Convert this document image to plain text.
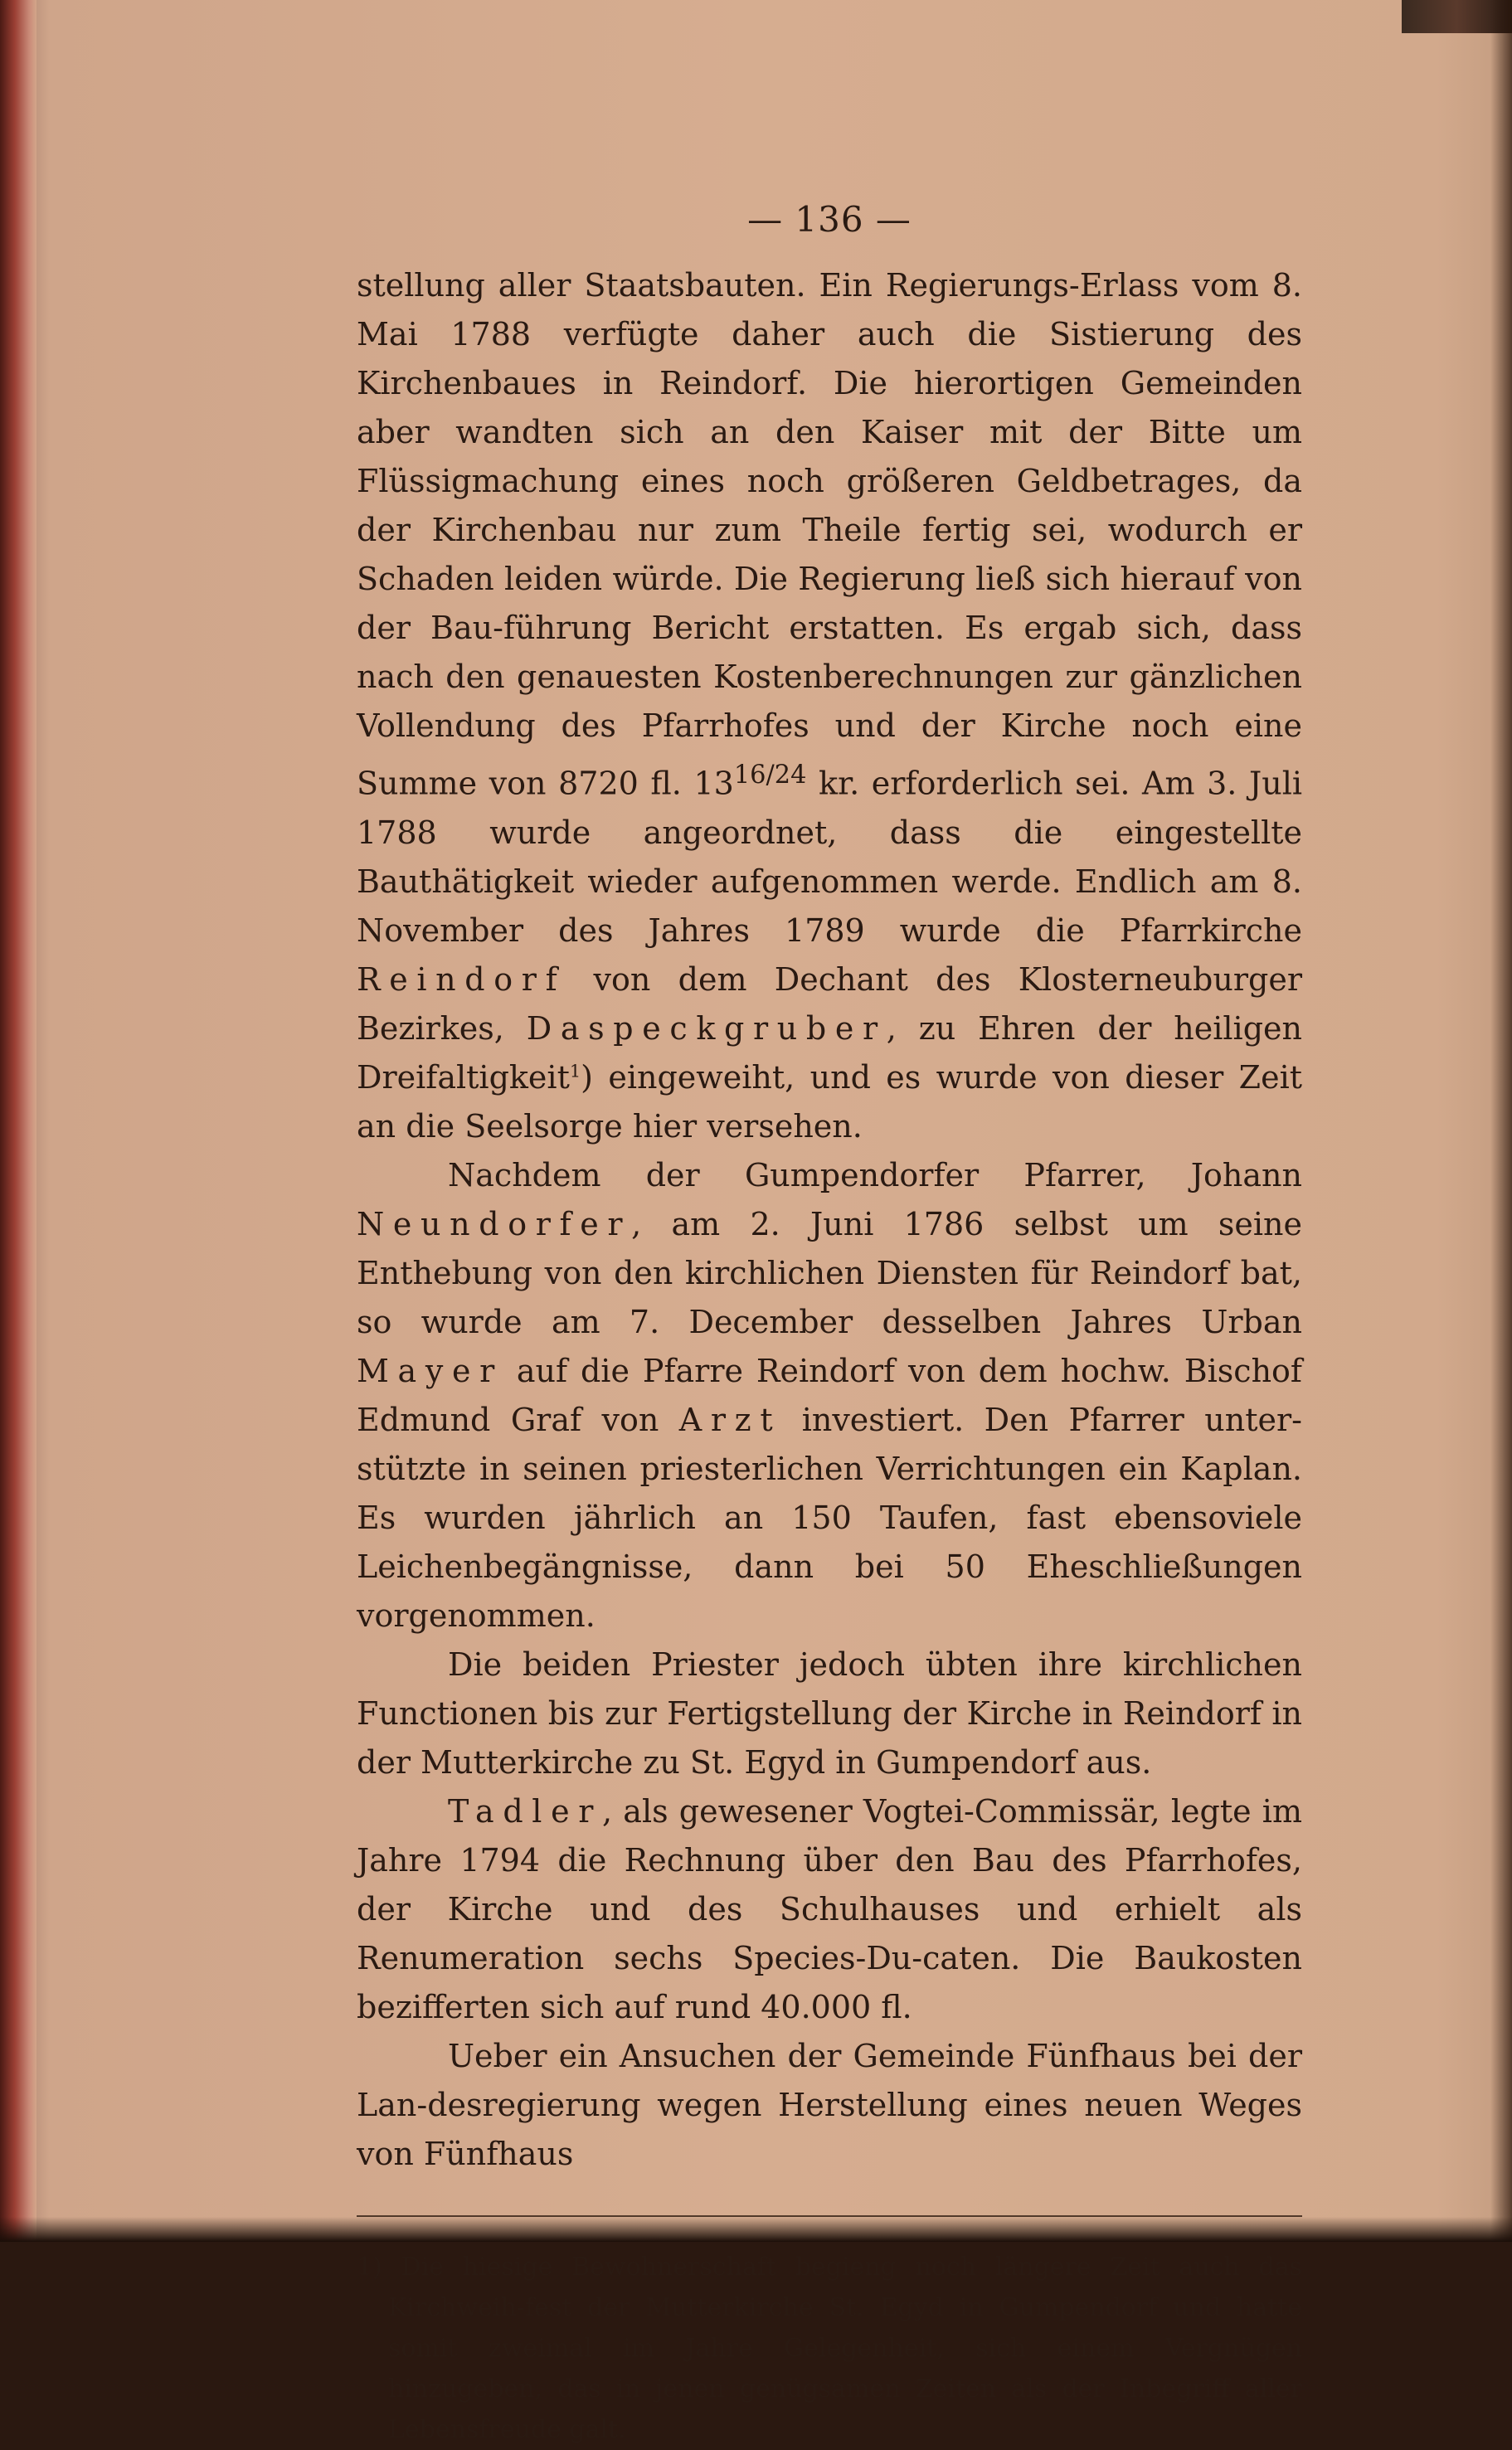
— 136 —

stellung aller Staatsbauten. Ein Regierungs-Erlass vom 8. Mai 1788 verfügte daher auch die Sistierung des Kirchenbaues in Reindorf. Die hierortigen Gemeinden aber wandten sich an den Kaiser mit der Bitte um Flüssigmachung eines noch größeren Geldbetrages, da der Kirchenbau nur zum Theile fertig sei, wodurch er Schaden leiden würde. Die Regierung ließ sich hierauf von der Bau-führung Bericht erstatten. Es ergab sich, dass nach den genauesten Kostenberechnungen zur gänzlichen Vollendung des Pfarrhofes und der Kirche noch eine Summe von 8720 fl. $13^{16/24}$ kr. erforderlich sei. Am 3. Juli 1788 wurde angeordnet, dass die eingestellte Bauthätigkeit wieder aufgenommen werde. Endlich am 8. November des Jahres 1789 wurde die Pfarrkirche Reindorf von dem Dechant des Klosterneuburger Bezirkes, Daspeckgruber, zu Ehren der heiligen Dreifaltigkeit$^1$) eingeweiht, und es wurde von dieser Zeit an die Seelsorge hier versehen.

Nachdem der Gumpendorfer Pfarrer, Johann Neundorfer, am 2. Juni 1786 selbst um seine Enthebung von den kirchlichen Diensten für Reindorf bat, so wurde am 7. December desselben Jahres Urban Mayer auf die Pfarre Reindorf von dem hochw. Bischof Edmund Graf von Arzt investiert. Den Pfarrer unter-stützte in seinen priesterlichen Verrichtungen ein Kaplan. Es wurden jährlich an 150 Taufen, fast ebensoviele Leichenbegängnisse, dann bei 50 Eheschließungen vorgenommen.

Die beiden Priester jedoch übten ihre kirchlichen Functionen bis zur Fertigstellung der Kirche in Reindorf in der Mutterkirche zu St. Egyd in Gumpendorf aus.

Tadler, als gewesener Vogtei-Commissär, legte im Jahre 1794 die Rechnung über den Bau des Pfarrhofes, der Kirche und des Schulhauses und erhielt als Renumeration sechs Species-Du-caten. Die Baukosten bezifferten sich auf rund 40.000 fl.

Ueber ein Ansuchen der Gemeinde Fünfhaus bei der Lan-desregierung wegen Herstellung eines neuen Weges von Fünfhaus

1) Die hiesige Bewohnerschaft begieng noch längere Zeit auch das Kirchweih-fest der Mutterkirche St. Egyd in Gumpendorf und hatte somit zweimal im Jahre Gelegenheit, sich einem Vergnügen hinzugeben, das in jenen genügsamen Zeiten als der Inbegriff aller Lebensfreude galt.
